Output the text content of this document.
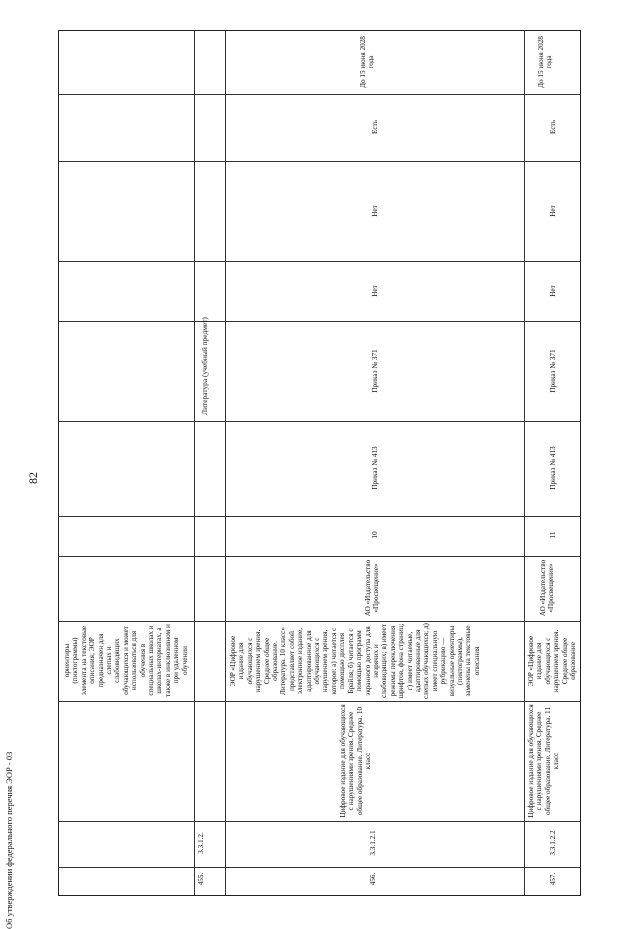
82
Об утверждении федерального перечня ЭОР - 03	455.
3.3.1.2.
ориентиры (пиктограммы) элемента на текстовые описания; ЭОР предназначен для слепых и слабовидящих обучающихся и может использоваться для обучения в специальных школах и школах-интернатах, а также в инклюзивном и при удаленном обучении
Литература (учебный предмет)
456.
3.3.1.2.1
Цифровое издание для обучающихся с нарушениями зрения. Среднее общее образование. Литература. 10 класс
ЭОР «Цифровое издание для обучающихся с нарушением зрения. Среднее общее образование. Литература. 10 класс» представляет собой электронное издание, адаптированное для обучающихся с нарушением зрения, которое: а) читается с помощью дисплея Брайля; б) читается с помощью программ экранного доступа для незрячих и слабовидящих; в) имеет режимы переключения шрифтов, фона страниц; г) имеет читаемые, адаптированные для слепых обучающихся; д) имеет специальную рубрикацию — визуальные ориентиры (пиктограммы), заменены на текстовые описания
АО «Издательство «Просвещение»
10
Приказ № 413
Приказ № 371
Нет
Нет
Есть
До 15 июня 2028 года
457.
3.3.1.2.2
Цифровое издание для обучающихся с нарушениями зрения. Среднее общее образование. Литература. 11 класс
ЭОР «Цифровое издание для обучающихся с нарушением зрения. Среднее общее образование
АО «Издательство «Просвещение»
11
Приказ № 413
Приказ № 371
Нет
Нет
Есть
До 15 июня 2028 года
